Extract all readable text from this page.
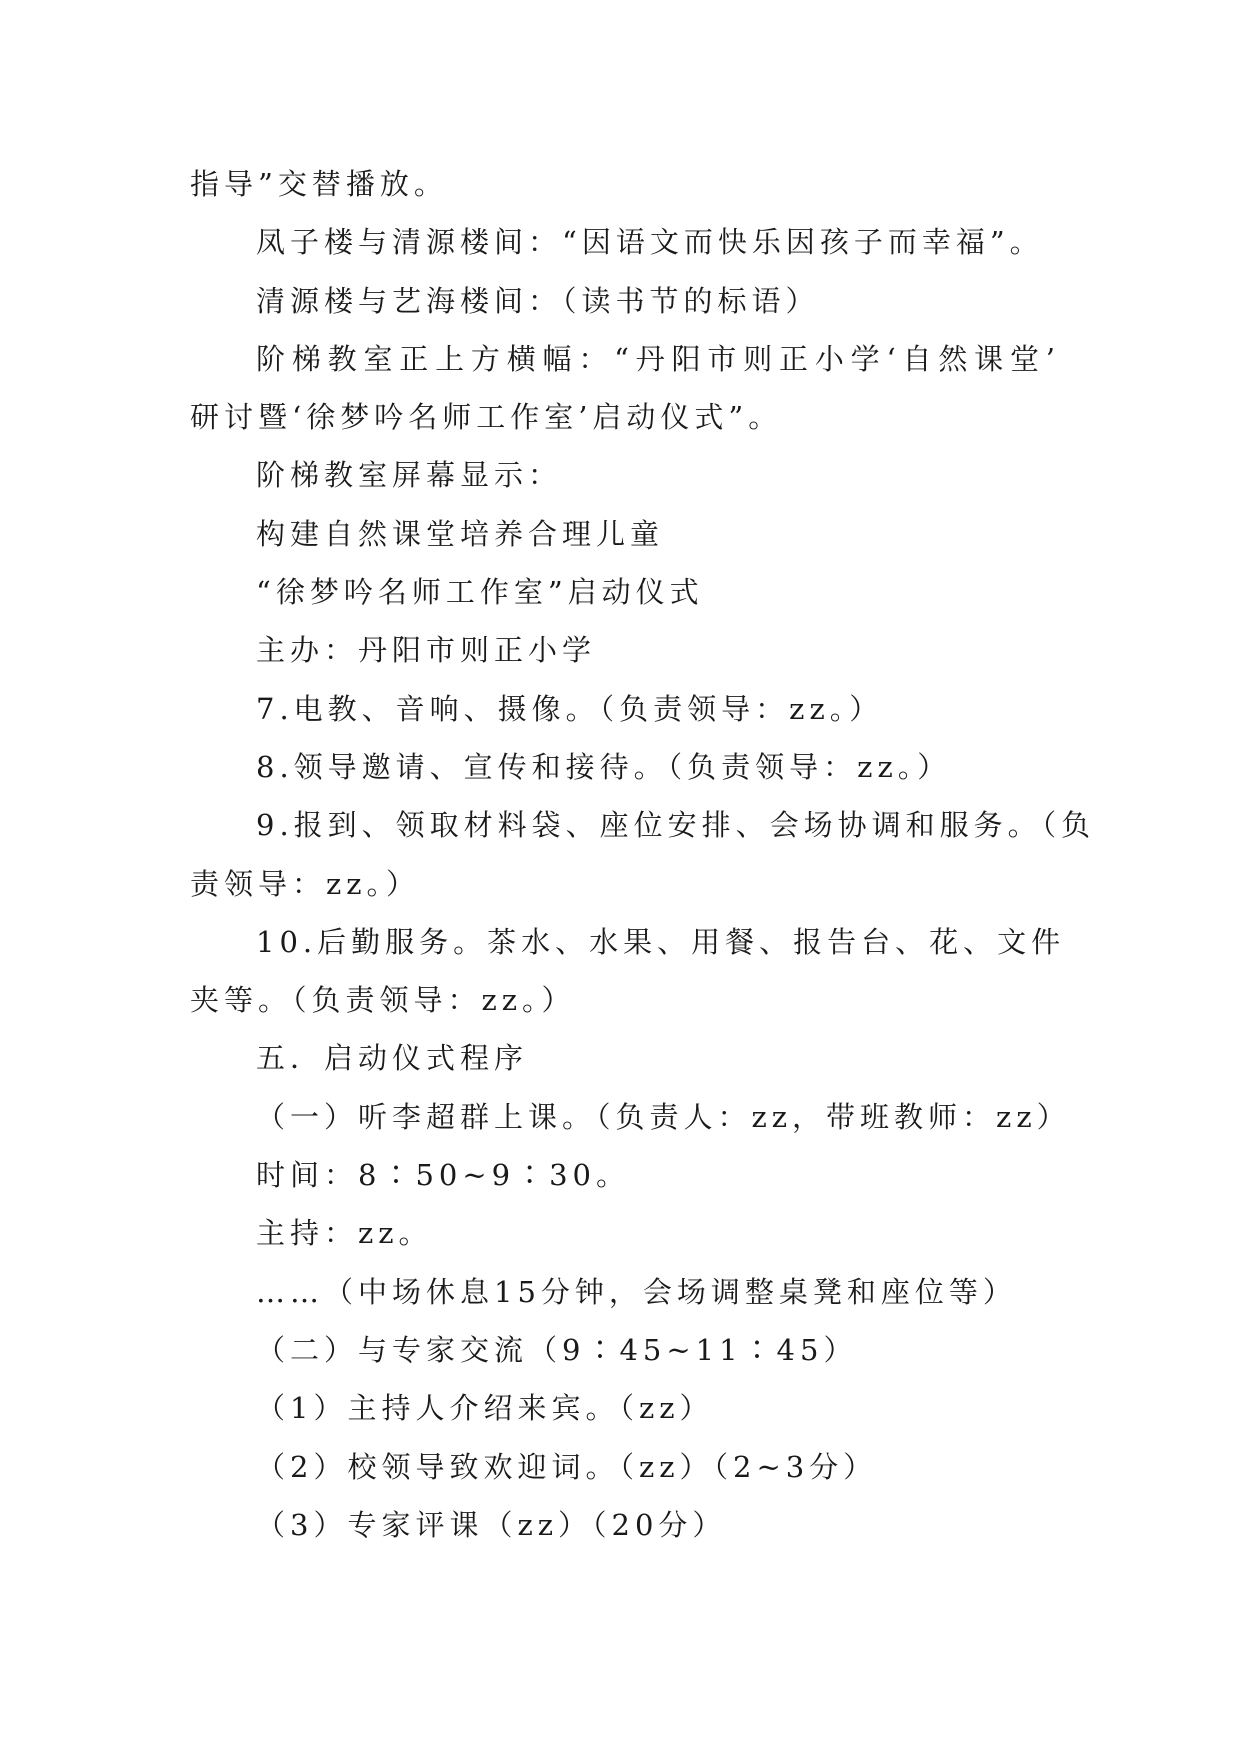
指导”交替播放。
凤子楼与清源楼间：“因语文而快乐因孩子而幸福”。
清源楼与艺海楼间：（读书节的标语）
阶梯教室正上方横幅：“丹阳市则正小学‘自然课堂’
研讨暨‘徐梦吟名师工作室’启动仪式”。
阶梯教室屏幕显示：
构建自然课堂培养合理儿童
“徐梦吟名师工作室”启动仪式
主办：丹阳市则正小学
7.电教、音响、摄像。（负责领导：zz。）
8.领导邀请、宣传和接待。（负责领导：zz。）
9.报到、领取材料袋、座位安排、会场协调和服务。（负
责领导：zz。）
10.后勤服务。茶水、水果、用餐、报告台、花、文件
夹等。（负责领导：zz。）
五．启动仪式程序
（一）听李超群上课。（负责人：zz，带班教师：zz）
时间：8∶50~9∶30。
主持：zz。
……（中场休息15分钟，会场调整桌凳和座位等）
（二）与专家交流（9∶45~11∶45）
（1）主持人介绍来宾。（zz）
（2）校领导致欢迎词。（zz）（2~3分）
（3）专家评课（zz）（20分）
